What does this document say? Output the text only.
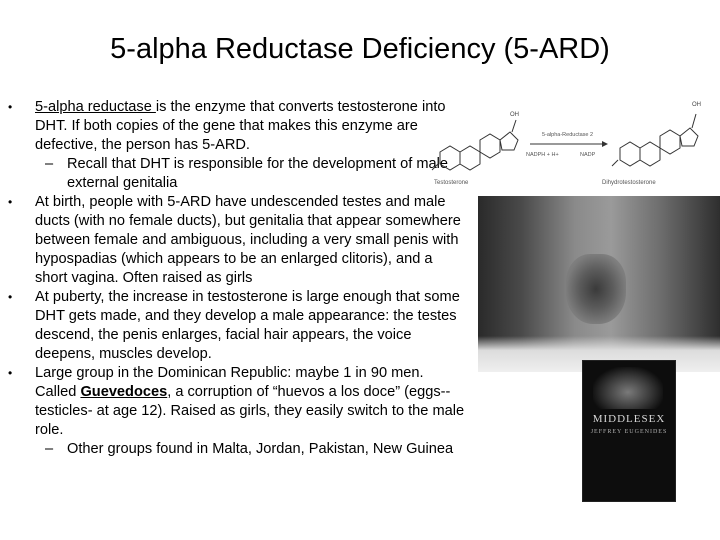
5-alpha Reductase Deficiency (5-ARD)
• 5-alpha reductase is the enzyme that converts testosterone into DHT. If both copies of the gene that makes this enzyme are defective, the person has 5-ARD.
– Recall that DHT is responsible for the development of male external genitalia
• At birth, people with 5-ARD have undescended testes and male ducts (with no female ducts), but genitalia that appear somewhere between female and ambiguous, including a very small penis with hypospadias (which appears to be an enlarged clitoris), and a short vagina. Often raised as girls
• At puberty, the increase in testosterone is large enough that some DHT gets made, and they develop a male appearance: the testes descend, the penis enlarges, facial hair appears, the voice deepens, muscles develop.
• Large group in the Dominican Republic: maybe 1 in 90 men. Called Guevedoces, a corruption of “huevos a los doce” (eggs--testicles- at age 12). Raised as girls, they easily switch to the male role.
– Other groups found in Malta, Jordan, Pakistan, New Guinea
OH
Testosterone
5-alpha-Reductase 2
NADPH + H+	NADP
OH
Dihydrotestosterone
MIDDLESEX
JEFFREY EUGENIDES
